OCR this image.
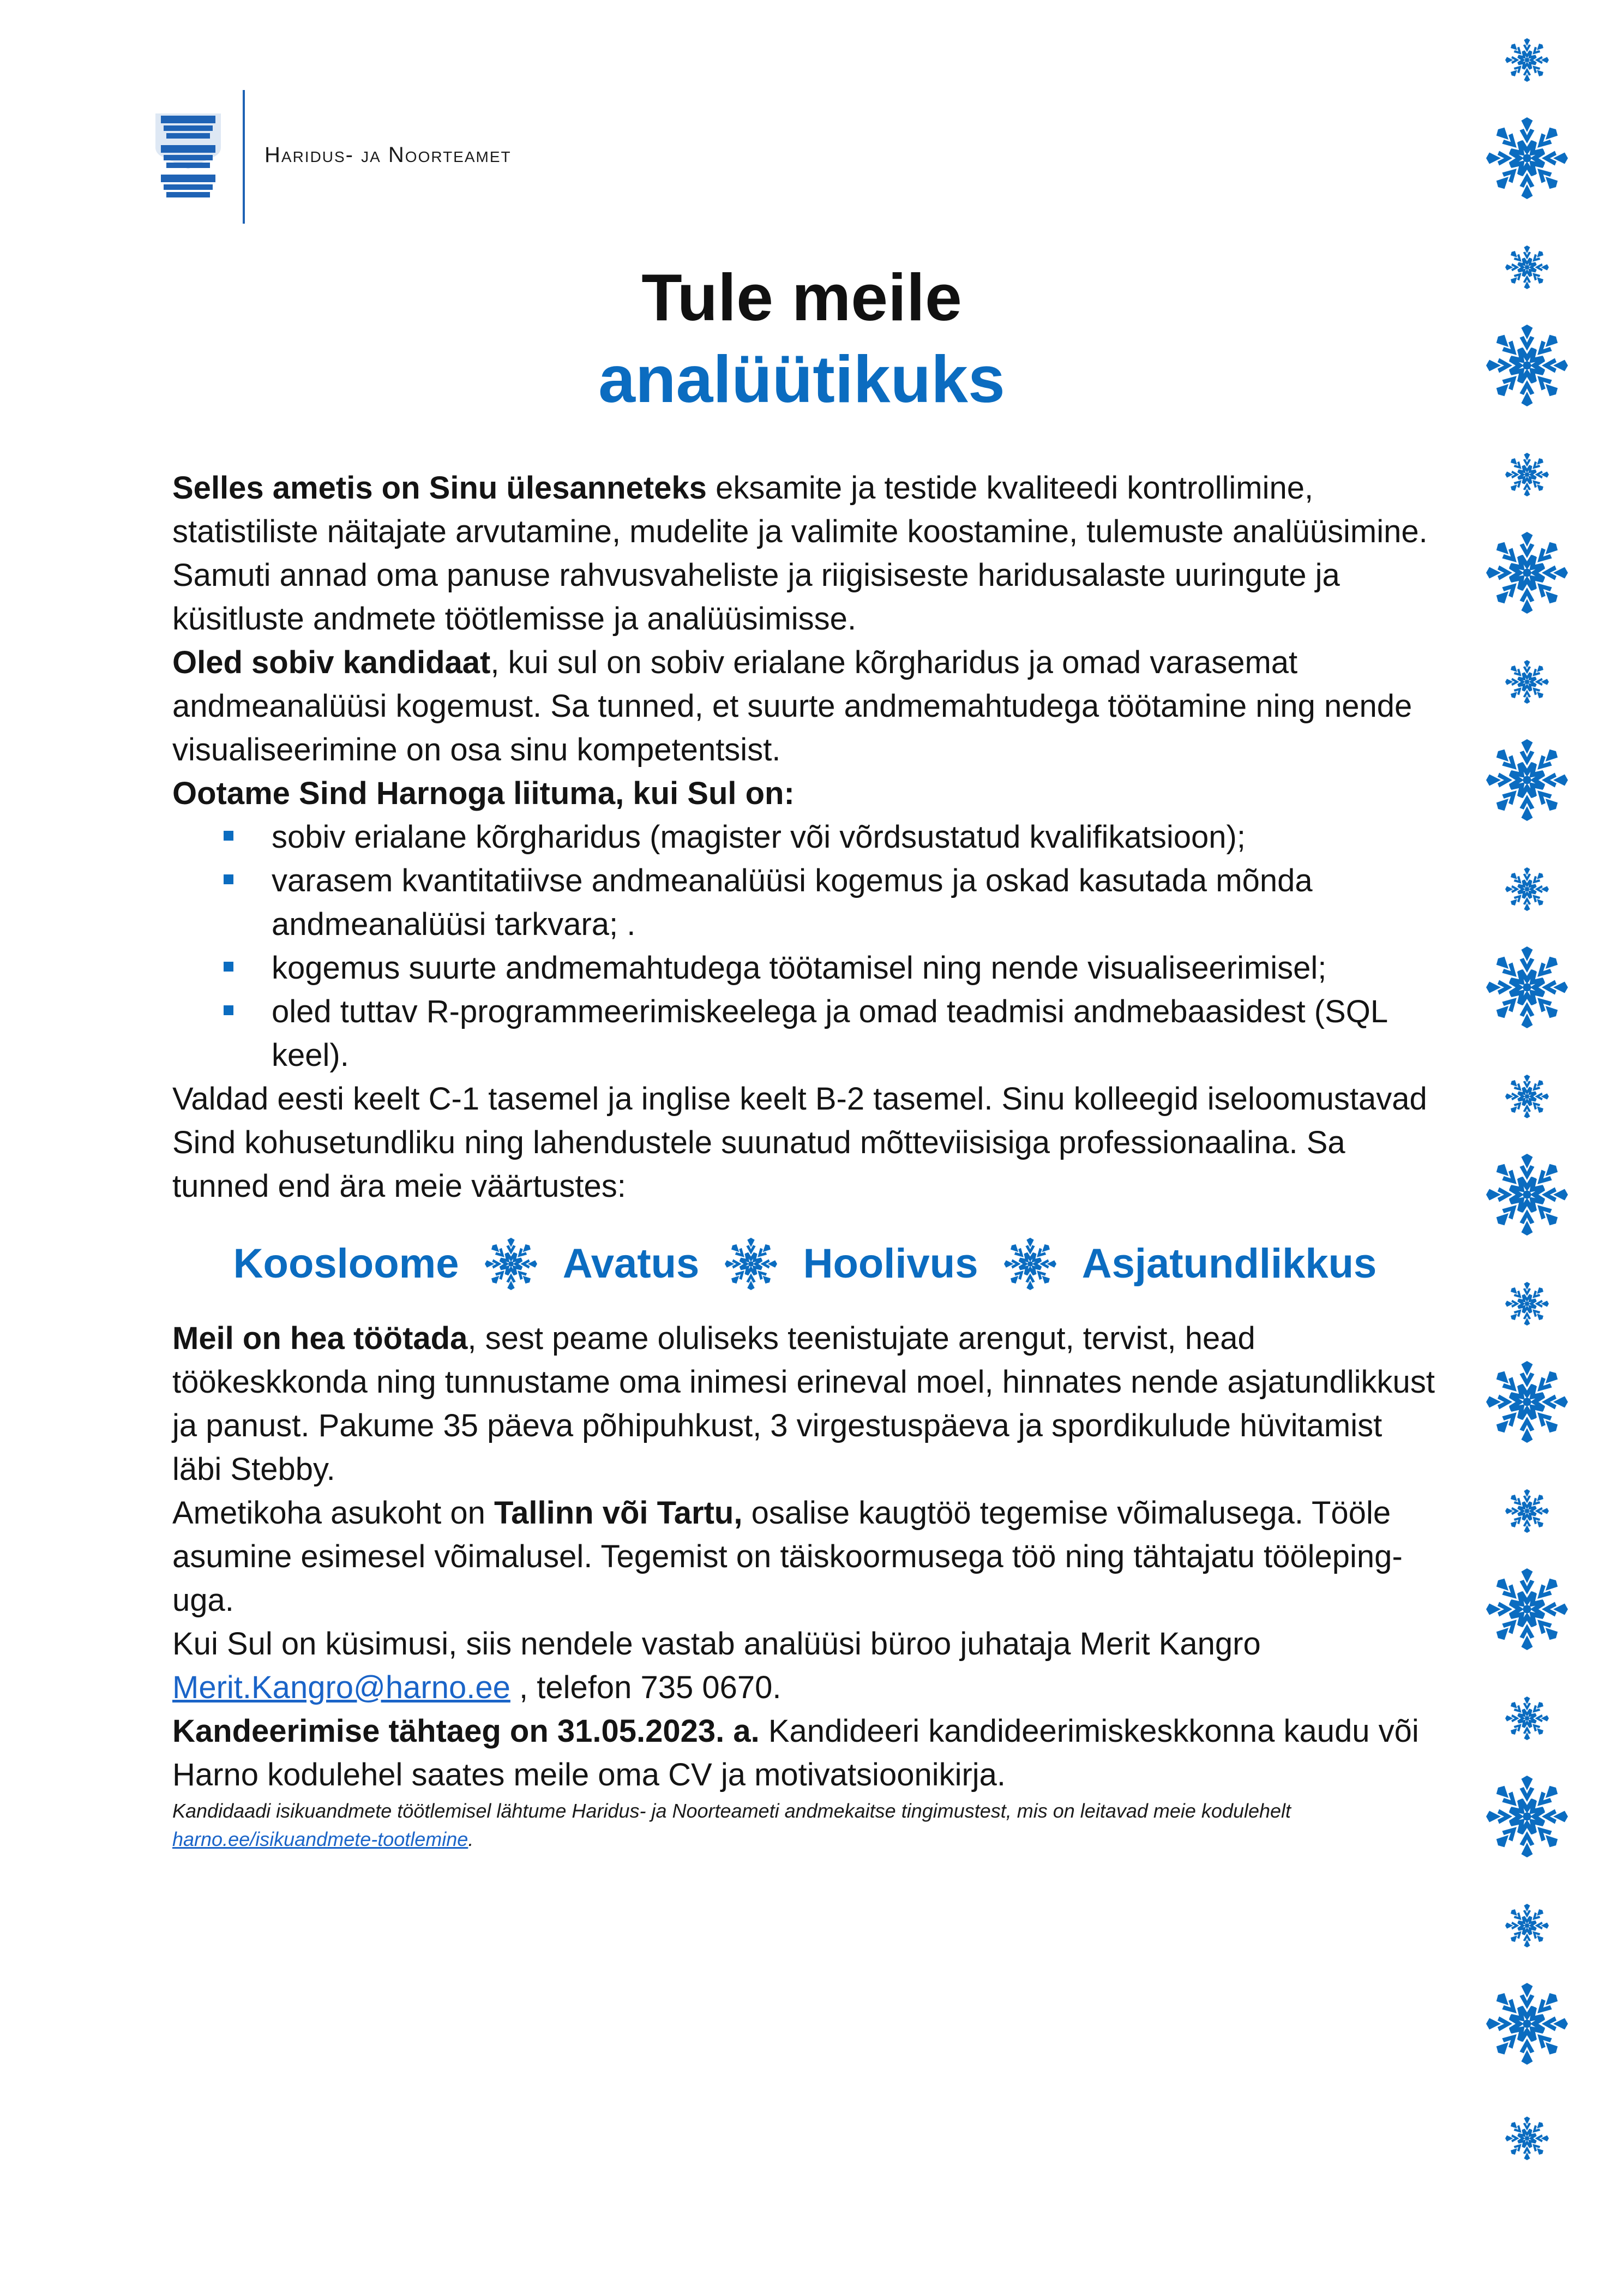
Haridus- ja Noorteamet
Tule meile
analüütikuks

Selles ametis on Sinu ülesanneteks eksamite ja testide kvaliteedi kontrollimine, statistiliste näitajate arvutamine, mudelite ja valimite koostamine, tulemuste analüüsimine. Samuti annad oma panuse rahvusvaheliste ja riigisiseste haridusalaste uuringute ja küsitluste andmete töötlemisse ja analüüsimisse.

Oled sobiv kandidaat, kui sul on sobiv erialane kõrgharidus ja omad varasemat andmeanalüüsi kogemust. Sa tunned, et suurte andmemahtudega töötamine ning nende visualiseerimine on osa sinu kompetentsist.

Ootame Sind Harnoga liituma, kui Sul on:
sobiv erialane kõrgharidus (magister või võrdsustatud kvalifikatsioon);
varasem kvantitatiivse andmeanalüüsi kogemus ja oskad kasutada mõnda andmeanalüüsi tarkvara; .
kogemus suurte andmemahtudega töötamisel ning nende visualiseerimisel;
oled tuttav R-programmeerimiskeelega ja omad teadmisi andmebaasidest (SQL keel).

Valdad eesti keelt C-1 tasemel ja inglise keelt B-2 tasemel. Sinu kolleegid iseloomustavad Sind kohusetundliku ning lahendustele suunatud mõtteviisisiga professionaalina. Sa tunned end ära meie väärtustes:

Koosloome	Avatus	Hoolivus	Asjatundlikkus

Meil on hea töötada, sest peame oluliseks teenistujate arengut, tervist, head töökeskkonda ning tunnustame oma inimesi erineval moel, hinnates nende asjatundlikkust ja panust. Pakume 35 päeva põhipuhkust, 3 virgestuspäeva ja spordikulude hüvitamist läbi Stebby.

Ametikoha asukoht on Tallinn või Tartu, osalise kaugtöö tegemise võimalusega. Tööle asumine esimesel võimalusel. Tegemist on täiskoormusega töö ning tähtajatu töölepinguga.

Kui Sul on küsimusi, siis nendele vastab analüüsi büroo juhataja Merit Kangro Merit.Kangro@harno.ee , telefon 735 0670.

Kandeerimise tähtaeg on 31.05.2023. a. Kandideeri kandideerimiskeskkonna kaudu või Harno kodulehel saates meile oma CV ja motivatsioonikirja.

Kandidaadi isikuandmete töötlemisel lähtume Haridus- ja Noorteameti andmekaitse tingimustest, mis on leitavad meie kodulehelt harno.ee/isikuandmete-tootlemine.
